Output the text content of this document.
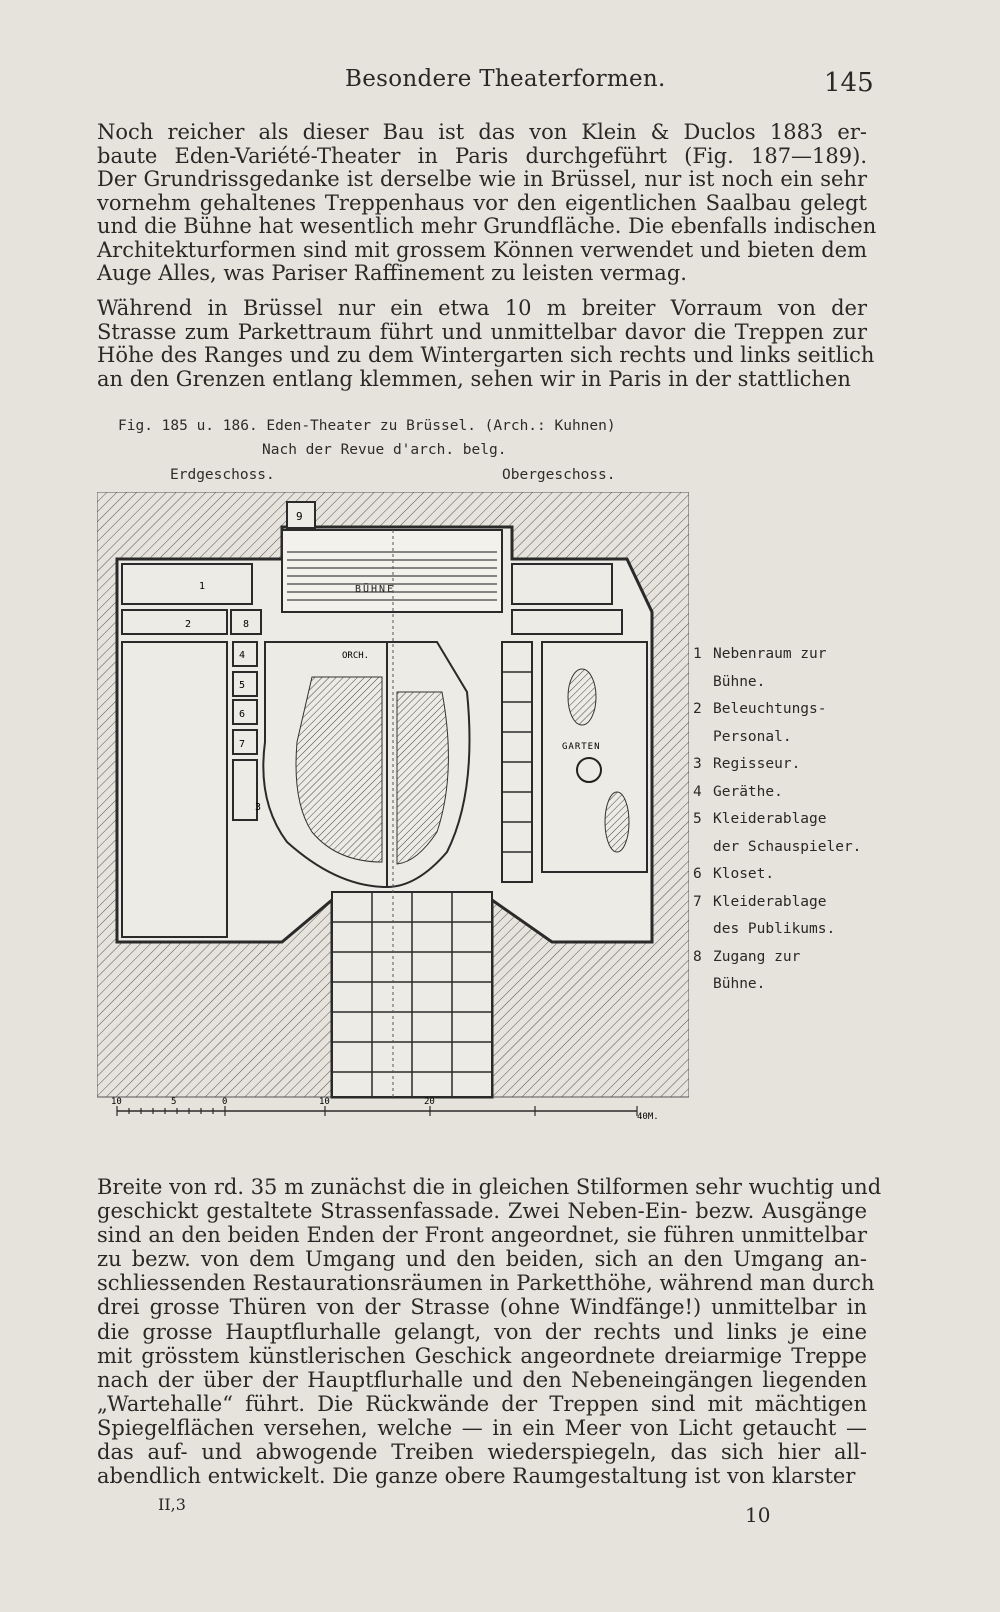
Besondere Theaterformen.	145
Noch reicher als dieser Bau ist das von Klein & Duclos 1883 er-
baute Eden-Variété-Theater in Paris durchgeführt (Fig. 187—189).
Der Grundrissgedanke ist derselbe wie in Brüssel, nur ist noch ein sehr
vornehm gehaltenes Treppenhaus vor den eigentlichen Saalbau gelegt
und die Bühne hat wesentlich mehr Grundfläche. Die ebenfalls indischen
Architekturformen sind mit grossem Können verwendet und bieten dem
Auge Alles, was Pariser Raffinement zu leisten vermag.
Während in Brüssel nur ein etwa 10 m breiter Vorraum von der
Strasse zum Parkettraum führt und unmittelbar davor die Treppen zur
Höhe des Ranges und zu dem Wintergarten sich rechts und links seitlich
an den Grenzen entlang klemmen, sehen wir in Paris in der stattlichen
Fig. 185 u. 186. Eden-Theater zu Brüssel. (Arch.: Kuhnen)
Nach der Revue d'arch. belg.
Erdgeschoss.	Obergeschoss.
BÜHNE
9
1
2	8
4
5
6
7
3
ORCH.
GARTEN
10	5	0	10	20
40M.
1 Nebenraum zur
Bühne.
2 Beleuchtungs-
Personal.
3 Regisseur.
4 Geräthe.
5 Kleiderablage
der Schauspieler.
6 Kloset.
7 Kleiderablage
des Publikums.
8 Zugang zur
Bühne.
Breite von rd. 35 m zunächst die in gleichen Stilformen sehr wuchtig und
geschickt gestaltete Strassenfassade. Zwei Neben-Ein- bezw. Ausgänge
sind an den beiden Enden der Front angeordnet, sie führen unmittelbar
zu bezw. von dem Umgang und den beiden, sich an den Umgang an-
schliessenden Restaurationsräumen in Parketthöhe, während man durch
drei grosse Thüren von der Strasse (ohne Windfänge!) unmittelbar in
die grosse Hauptflurhalle gelangt, von der rechts und links je eine
mit grösstem künstlerischen Geschick angeordnete dreiarmige Treppe
nach der über der Hauptflurhalle und den Nebeneingängen liegenden
„Wartehalle“ führt. Die Rückwände der Treppen sind mit mächtigen
Spiegelflächen versehen, welche — in ein Meer von Licht getaucht —
das auf- und abwogende Treiben wiederspiegeln, das sich hier all-
abendlich entwickelt. Die ganze obere Raumgestaltung ist von klarster
II,3	10
